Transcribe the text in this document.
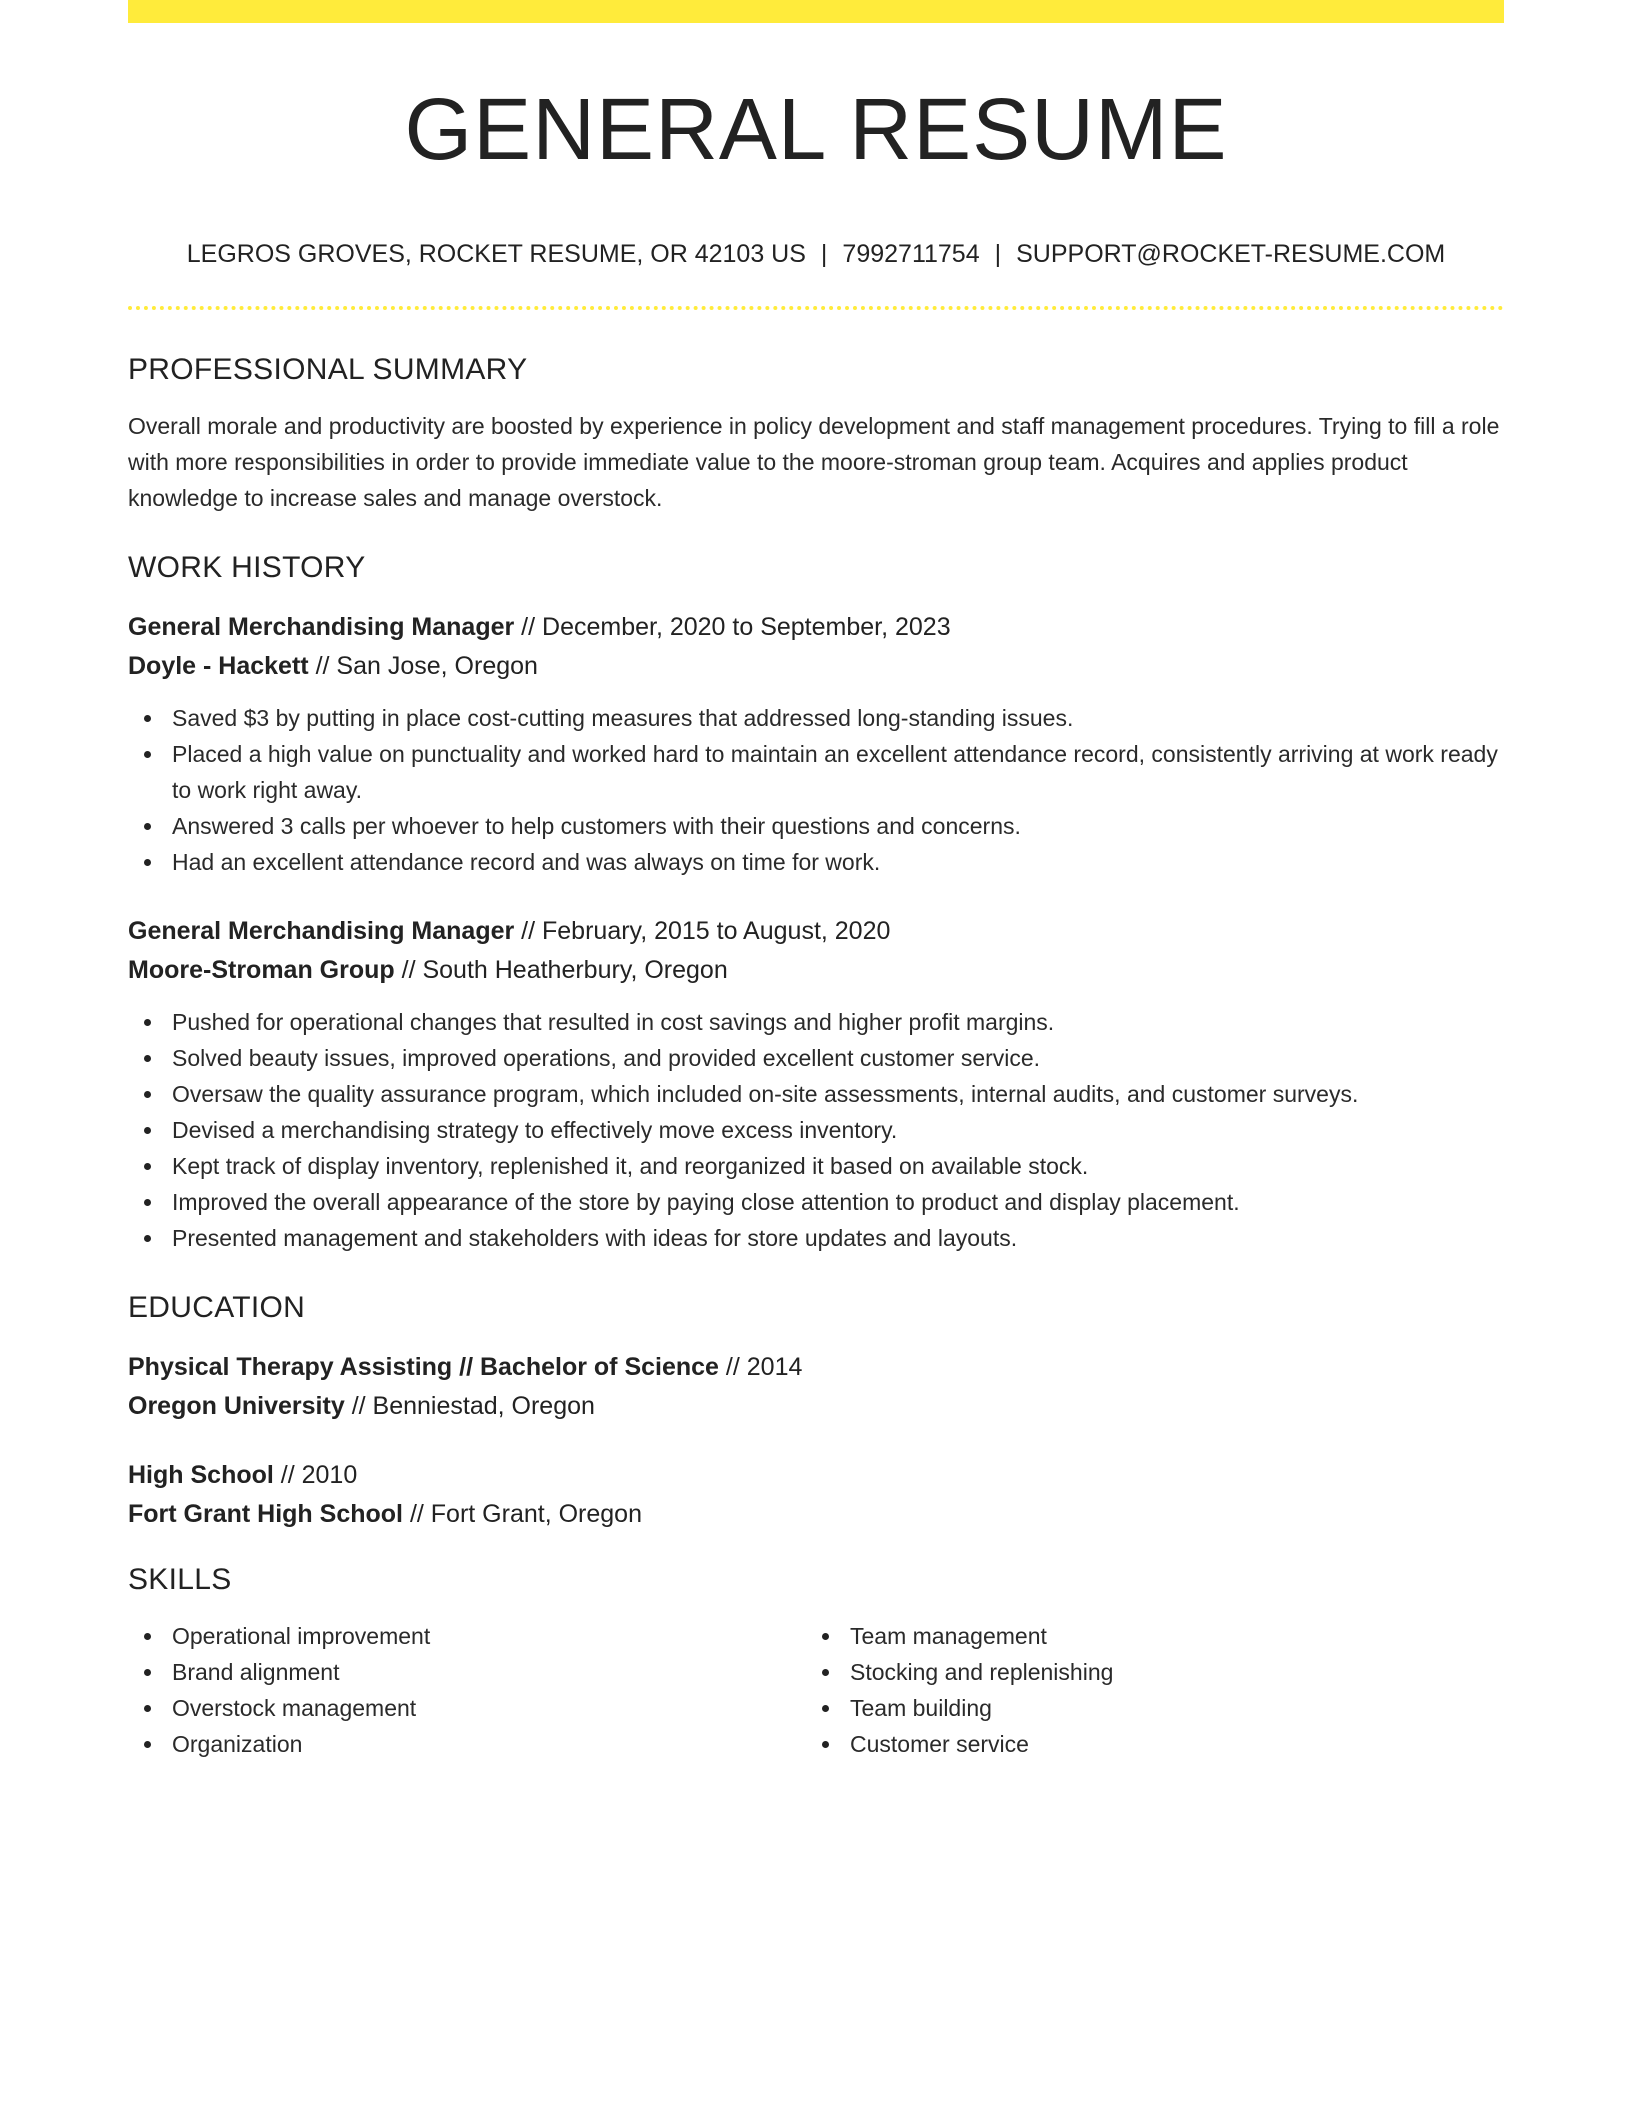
GENERAL RESUME
LEGROS GROVES, ROCKET RESUME, OR 42103 US | 7992711754 | SUPPORT@ROCKET-RESUME.COM
PROFESSIONAL SUMMARY

Overall morale and productivity are boosted by experience in policy development and staff management procedures. Trying to fill a role with more responsibilities in order to provide immediate value to the moore-stroman group team. Acquires and applies product knowledge to increase sales and manage overstock.

WORK HISTORY
General Merchandising Manager // December, 2020 to September, 2023
Doyle - Hackett // San Jose, Oregon
Saved $3 by putting in place cost-cutting measures that addressed long-standing issues.
Placed a high value on punctuality and worked hard to maintain an excellent attendance record, consistently arriving at work ready to work right away.
Answered 3 calls per whoever to help customers with their questions and concerns.
Had an excellent attendance record and was always on time for work.
General Merchandising Manager // February, 2015 to August, 2020
Moore-Stroman Group // South Heatherbury, Oregon
Pushed for operational changes that resulted in cost savings and higher profit margins.
Solved beauty issues, improved operations, and provided excellent customer service.
Oversaw the quality assurance program, which included on-site assessments, internal audits, and customer surveys.
Devised a merchandising strategy to effectively move excess inventory.
Kept track of display inventory, replenished it, and reorganized it based on available stock.
Improved the overall appearance of the store by paying close attention to product and display placement.
Presented management and stakeholders with ideas for store updates and layouts.
EDUCATION
Physical Therapy Assisting // Bachelor of Science // 2014
Oregon University // Benniestad, Oregon
High School // 2010
Fort Grant High School // Fort Grant, Oregon
SKILLS
Operational improvement
Brand alignment
Overstock management
Organization
Team management
Stocking and replenishing
Team building
Customer service
